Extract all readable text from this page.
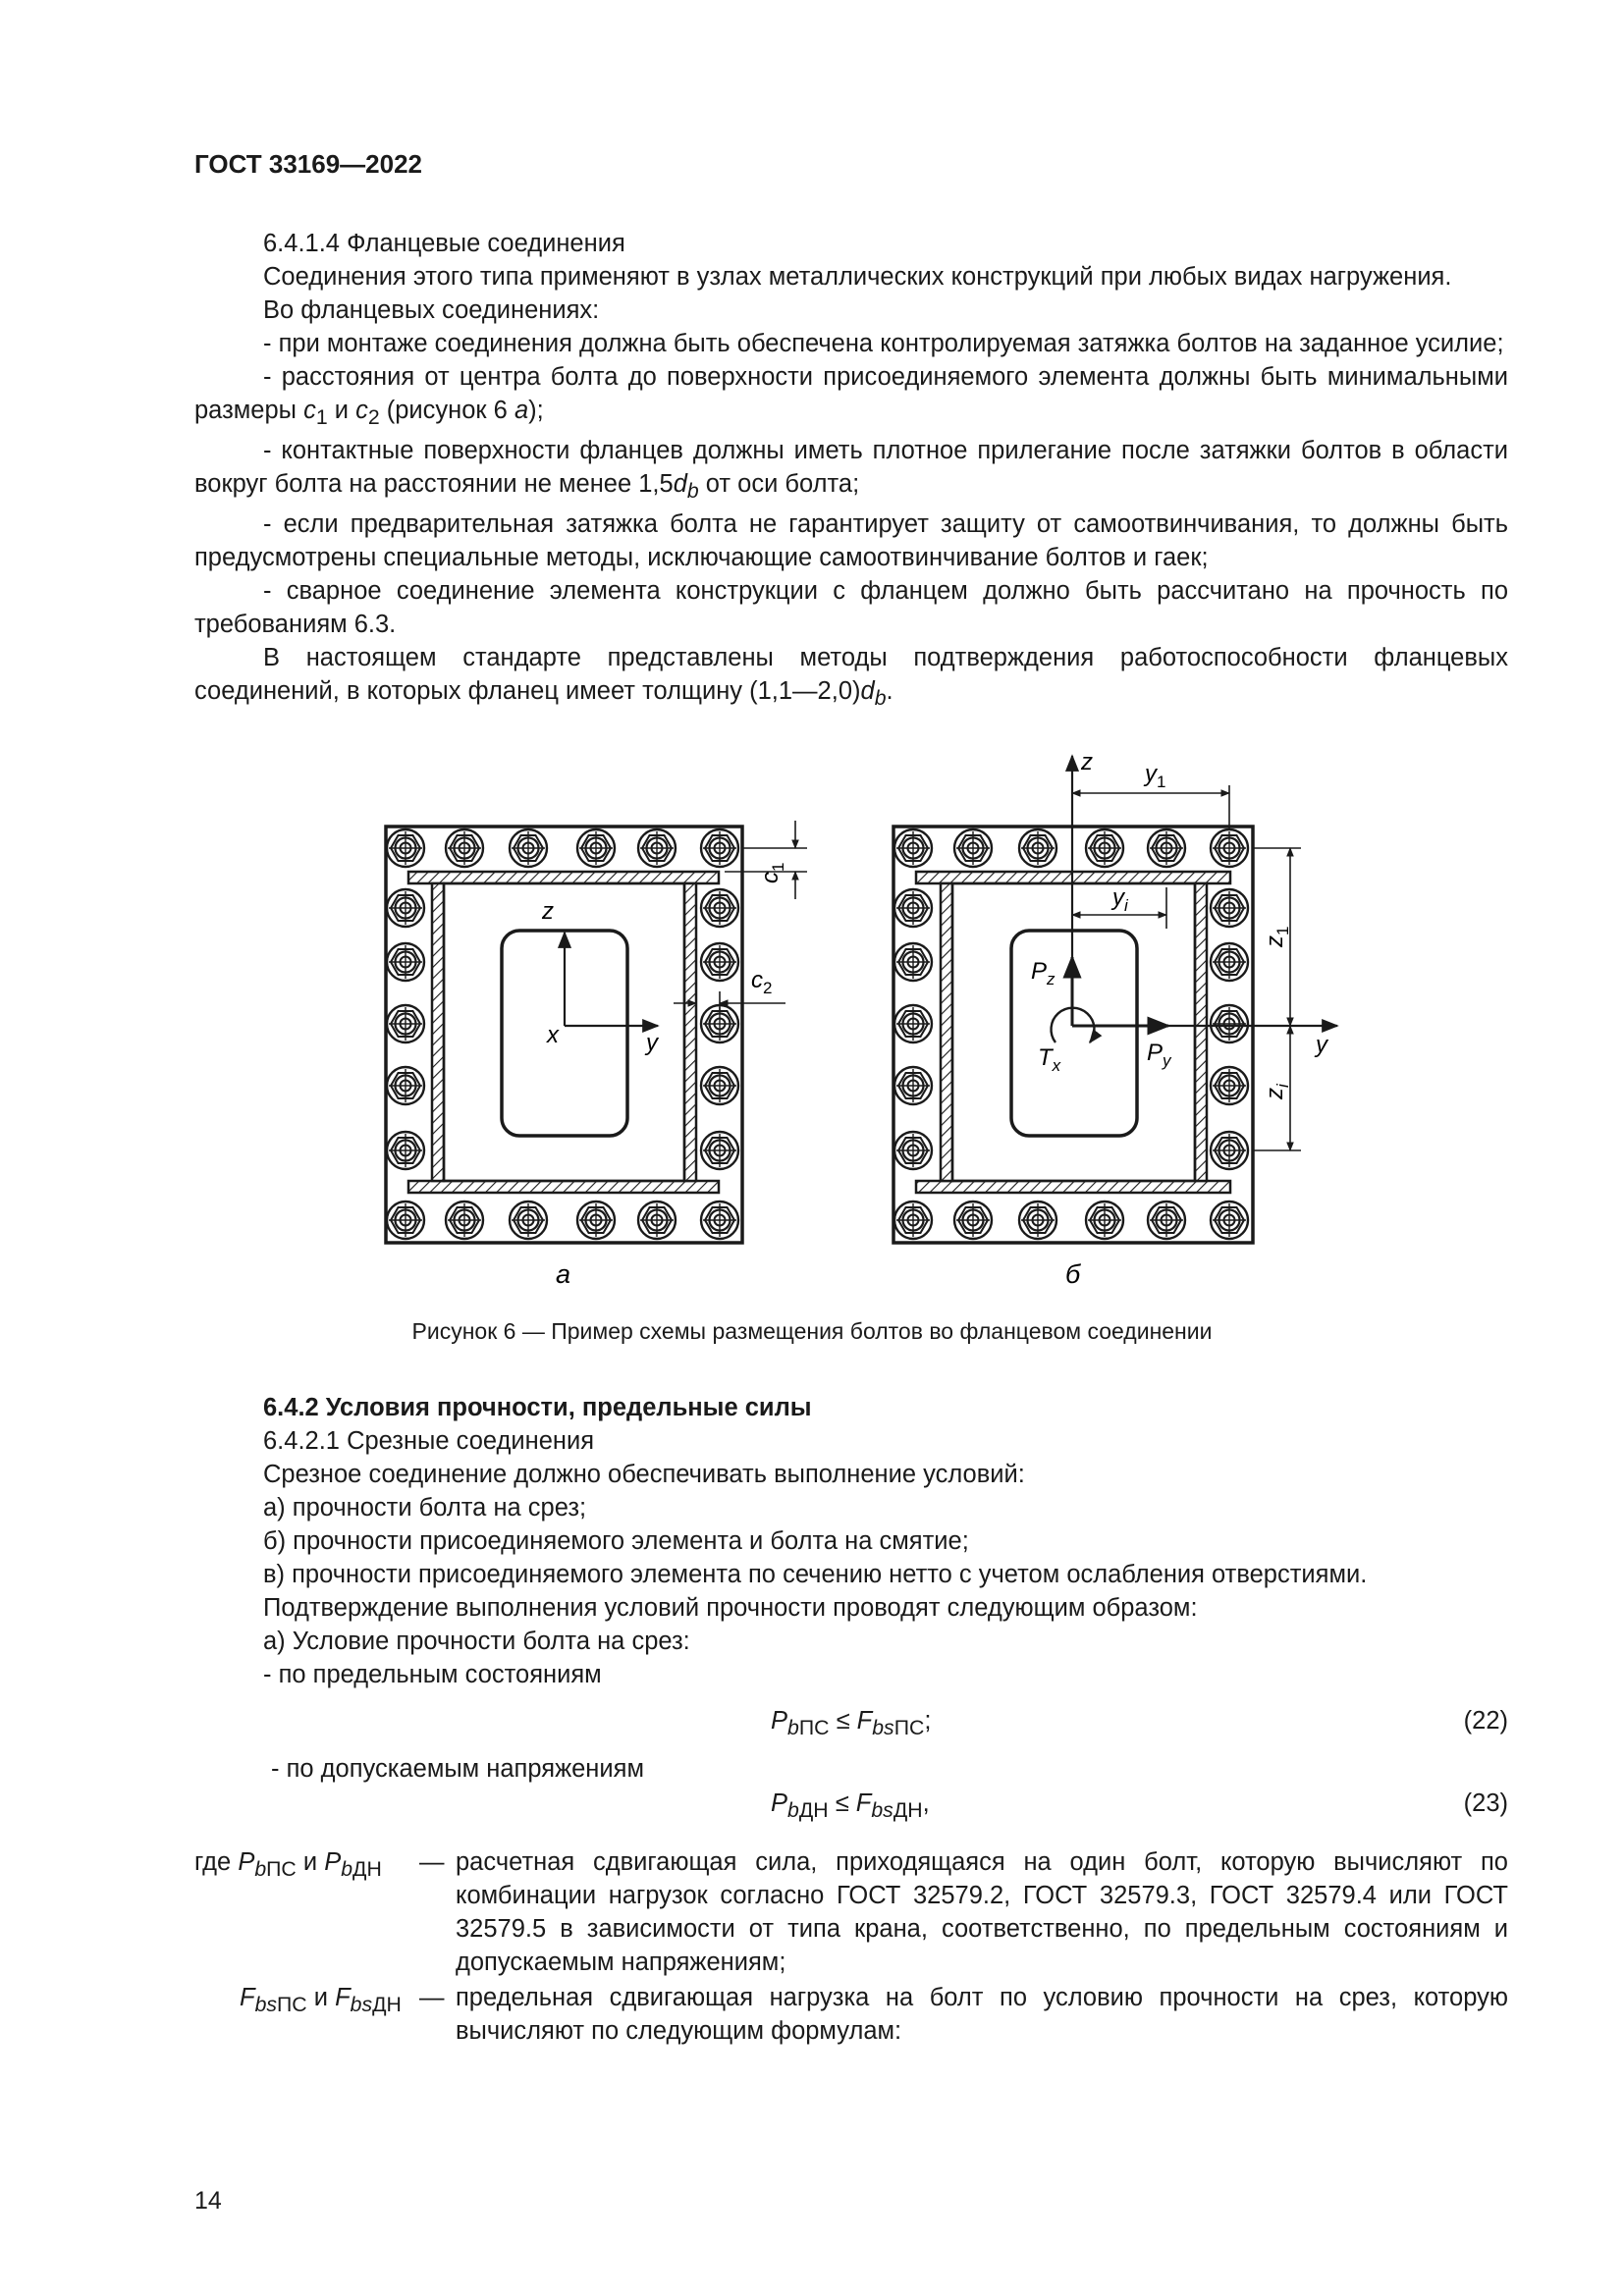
ГОСТ 33169—2022

6.4.1.4 Фланцевые соединения

Соединения этого типа применяют в узлах металлических конструкций при любых видах нагружения.

Во фланцевых соединениях:

- при монтаже соединения должна быть обеспечена контролируемая затяжка болтов на заданное усилие;

- расстояния от центра болта до поверхности присоединяемого элемента должны быть минимальными размеры $c_1$ и $c_2$ (рисунок 6 а);

- контактные поверхности фланцев должны иметь плотное прилегание после затяжки болтов в области вокруг болта на расстоянии не менее $1,5d_b$ от оси болта;

- если предварительная затяжка болта не гарантирует защиту от самоотвинчивания, то должны быть предусмотрены специальные методы, исключающие самоотвинчивание болтов и гаек;

- сварное соединение элемента конструкции с фланцем должно быть рассчитано на прочность по требованиям 6.3.

В настоящем стандарте представлены методы подтверждения работоспособности фланцевых соединений, в которых фланец имеет толщину $(1,1—2,0)d_b$.

z
x	y
$c_1$
$c_2$
а
z $y_1$
$y_i$
$z_1$
$z_i$
y
$P_z$
$P_y$
$T_x$
б
Рисунок 6 — Пример схемы размещения болтов во фланцевом соединении

6.4.2 Условия прочности, предельные силы

6.4.2.1 Срезные соединения

Срезное соединение должно обеспечивать выполнение условий:

а) прочности болта на срез;

б) прочности присоединяемого элемента и болта на смятие;

в) прочности присоединяемого элемента по сечению нетто с учетом ослабления отверстиями.

Подтверждение выполнения условий прочности проводят следующим образом:

а) Условие прочности болта на срез:

- по предельным состояниям

$P_{bПС} \le F_{bsПС}$;	(22)
- по допускаемым напряжениям
$P_{bДН} \le F_{bsДН}$,	(23)
где $P_{bПС}$ и $P_{bДН}$ — расчетная сдвигающая сила, приходящаяся на один болт, которую вычисляют по комбинации нагрузок согласно ГОСТ 32579.2, ГОСТ 32579.3, ГОСТ 32579.4 или ГОСТ 32579.5 в зависимости от типа крана, соответственно, по предельным состояниям и допускаемым напряжениям;
$F_{bsПС}$ и $F_{bsДН}$ — предельная сдвигающая нагрузка на болт по условию прочности на срез, которую вычисляют по следующим формулам:
14
